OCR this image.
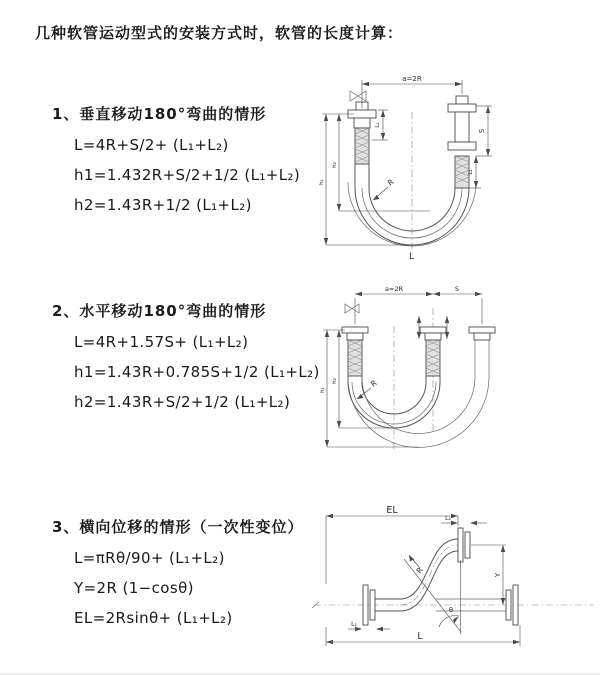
几种软管运动型式的安装方式时，软管的长度计算：
1、垂直移动180°弯曲的情形
L=4R+S/2+ (L₁+L₂)
h1=1.432R+S/2+1/2 (L₁+L₂)
h2=1.43R+1/2 (L₁+L₂)
2、水平移动180°弯曲的情形
L=4R+1.57S+ (L₁+L₂)
h1=1.43R+0.785S+1/2 (L₁+L₂)
h2=1.43R+S/2+1/2 (L₁+L₂)
3、横向位移的情形（一次性变位）
L=πRθ/90+ (L₁+L₂)
Y=2R (1−cosθ)
EL=2Rsinθ+ (L₁+L₂)
a=2R
S
L₂
L₁
h₁
h₂
R
L
a=2R	S
h₁
h₂	R
θ
R
EL
L₂
Y
L₁
L
